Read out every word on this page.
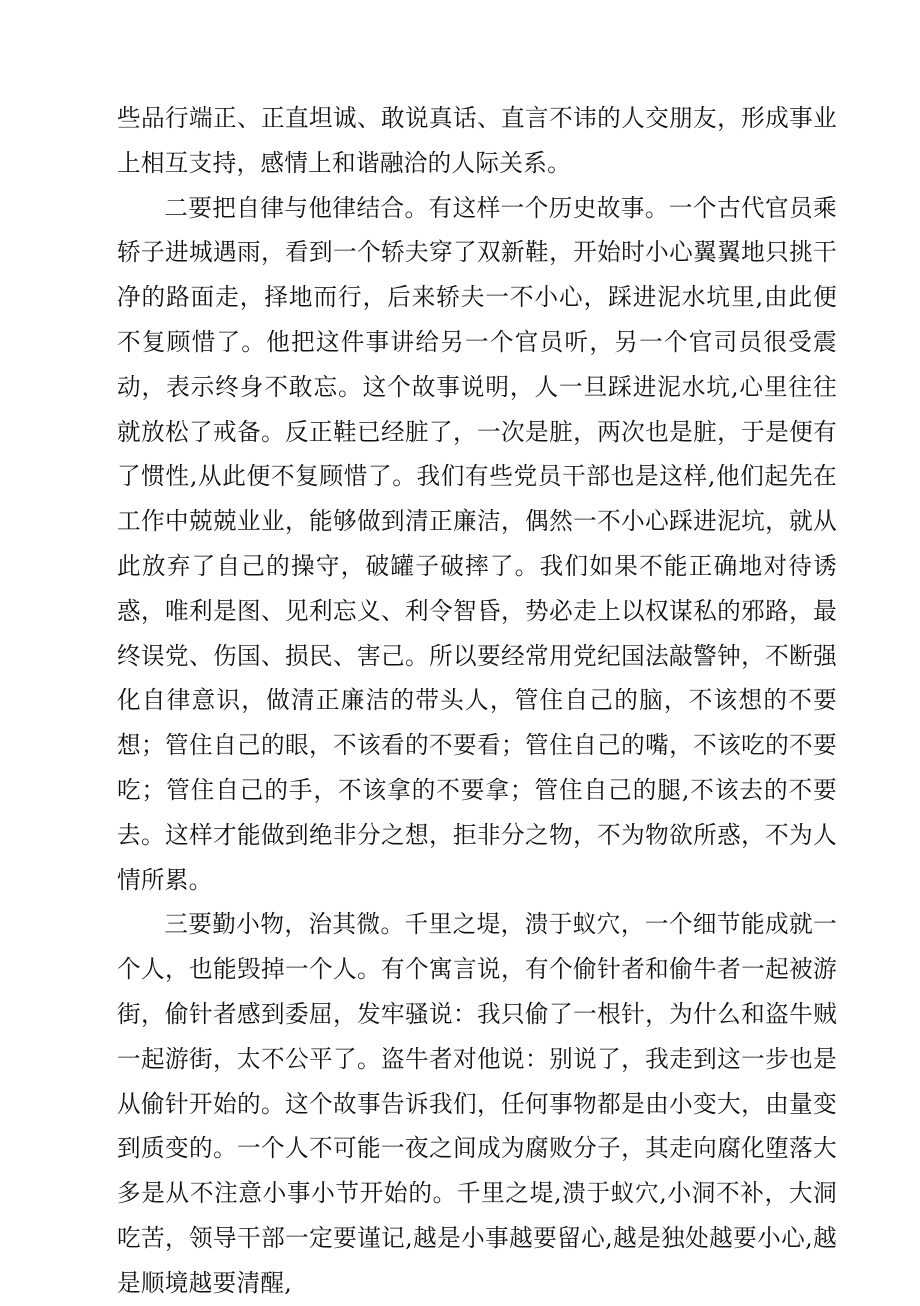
些品行端正、正直坦诚、敢说真话、直言不讳的人交朋友，形成事业上相互支持，感情上和谐融洽的人际关系。

二要把自律与他律结合。有这样一个历史故事。一个古代官员乘轿子进城遇雨，看到一个轿夫穿了双新鞋，开始时小心翼翼地只挑干净的路面走，择地而行，后来轿夫一不小心，踩进泥水坑里,由此便不复顾惜了。他把这件事讲给另一个官员听，另一个官司员很受震动，表示终身不敢忘。这个故事说明，人一旦踩进泥水坑,心里往往就放松了戒备。反正鞋已经脏了，一次是脏，两次也是脏，于是便有了惯性,从此便不复顾惜了。我们有些党员干部也是这样,他们起先在工作中兢兢业业，能够做到清正廉洁，偶然一不小心踩进泥坑，就从此放弃了自己的操守，破罐子破摔了。我们如果不能正确地对待诱惑，唯利是图、见利忘义、利令智昏，势必走上以权谋私的邪路，最终误党、伤国、损民、害己。所以要经常用党纪国法敲警钟，不断强化自律意识，做清正廉洁的带头人，管住自己的脑，不该想的不要想；管住自己的眼，不该看的不要看；管住自己的嘴，不该吃的不要吃；管住自己的手，不该拿的不要拿；管住自己的腿,不该去的不要去。这样才能做到绝非分之想，拒非分之物，不为物欲所惑，不为人情所累。

三要勤小物，治其微。千里之堤，溃于蚁穴，一个细节能成就一个人，也能毁掉一个人。有个寓言说，有个偷针者和偷牛者一起被游街，偷针者感到委屈，发牢骚说：我只偷了一根针，为什么和盗牛贼一起游街，太不公平了。盗牛者对他说：别说了，我走到这一步也是从偷针开始的。这个故事告诉我们，任何事物都是由小变大，由量变到质变的。一个人不可能一夜之间成为腐败分子，其走向腐化堕落大多是从不注意小事小节开始的。千里之堤,溃于蚁穴,小洞不补，大洞吃苦，领导干部一定要谨记,越是小事越要留心,越是独处越要小心,越是顺境越要清醒,
